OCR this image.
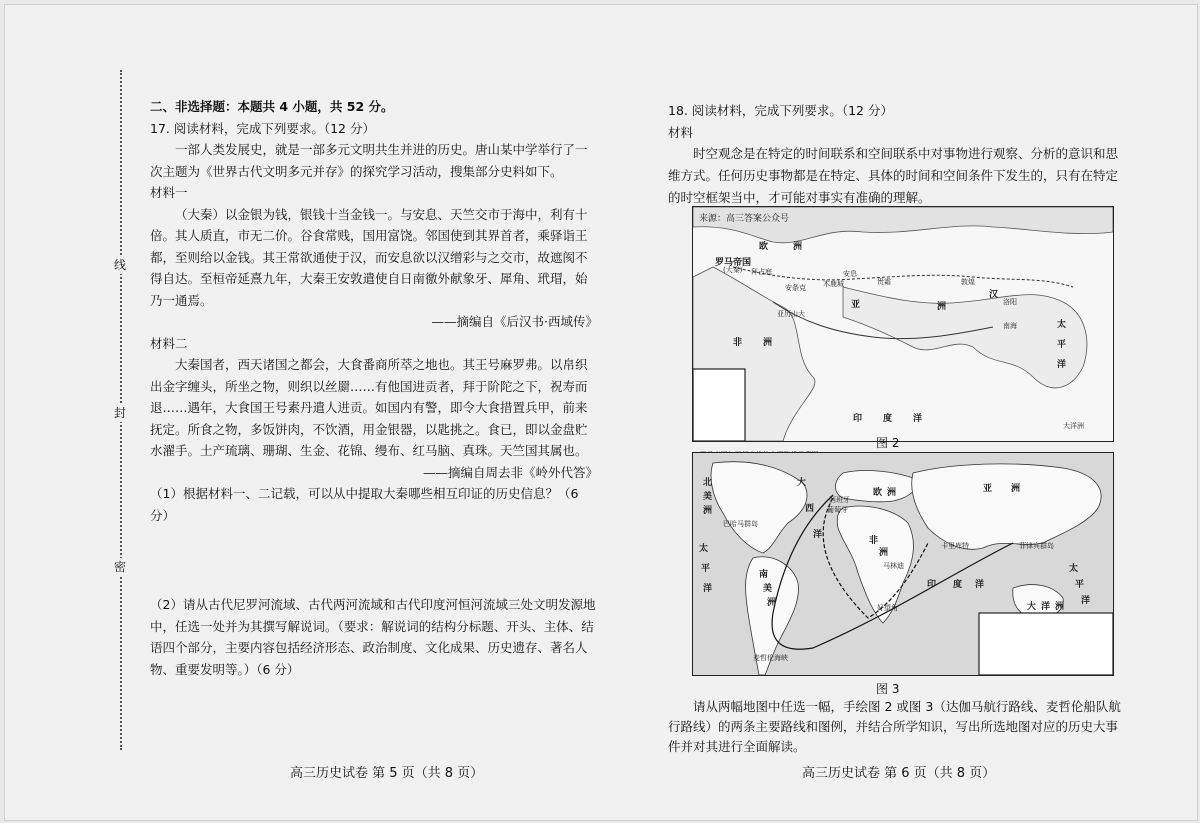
线
封
密

二、非选择题：本题共 4 小题，共 52 分。

17. 阅读材料，完成下列要求。（12 分）

一部人类发展史，就是一部多元文明共生并进的历史。唐山某中学举行了一次主题为《世界古代文明多元并存》的探究学习活动，搜集部分史料如下。

材料一

（大秦）以金银为钱，银钱十当金钱一。与安息、天竺交市于海中，利有十倍。其人质直，市无二价。谷食常贱，国用富饶。邻国使到其界首者，乘驿诣王都，至则给以金钱。其王常欲通使于汉，而安息欲以汉缯彩与之交市，故遮阂不得自达。至桓帝延熹九年，大秦王安敦遣使自日南徼外献象牙、犀角、玳瑁，始乃一通焉。

——摘编自《后汉书·西域传》

材料二

大秦国者，西天诸国之都会，大食番商所萃之地也。其王号麻罗弗。以帛织出金字缠头，所坐之物，则织以丝罽……有他国进贡者，拜于阶陀之下，祝寿而退……遇年，大食国王号素丹遣人进贡。如国内有警，即令大食措置兵甲，前来抚定。所食之物，多饭饼肉，不饮酒，用金银器，以匙挑之。食已，即以金盘贮水濯手。土产琉璃、珊瑚、生金、花锦、缦布、红马脑、真珠。天竺国其属也。

——摘编自周去非《岭外代答》

（1）根据材料一、二记载，可以从中提取大秦哪些相互印证的历史信息？（6 分）

（2）请从古代尼罗河流域、古代两河流域和古代印度河恒河流域三处文明发源地中，任选一处并为其撰写解说词。（要求：解说词的结构分标题、开头、主体、结语四个部分，主要内容包括经济形态、政治制度、文化成果、历史遗存、著名人物、重要发明等。）（6 分）

高三历史试卷 第 5 页（共 8 页）

18. 阅读材料，完成下列要求。（12 分）

材料

时空观念是在特定的时间联系和空间联系中对事物进行观察、分析的意识和思维方式。任何历史事物都是在特定、具体的时间和空间条件下发生的，只有在特定的时空框架当中，才可能对事实有准确的理解。

来源：高三答案公众号
欧	洲
罗马帝国
(大秦) 拜占庭	安息
贵霜	敦煌
洛阳
汉
亚	洲
非 洲
印 度 洋
太
平
洋
木鹿城
安条克
亚历山大
南海
大洋洲
图 2
北
美
洲
大
西
洋
欧 洲	亚 洲
非
洲
南
美
洲
印 度 洋
太
平
洋
太
平
洋
大 洋 洲
西班牙
葡萄牙
巴哈马群岛
卡里库特
马林迪
好望角
菲律宾群岛
麦哲伦海峡
图 3

请从两幅地图中任选一幅，手绘图 2 或图 3（达伽马航行路线、麦哲伦船队航行路线）的两条主要路线和图例，并结合所学知识，写出所选地图对应的历史大事件并对其进行全面解读。

高三历史试卷 第 6 页（共 8 页）
